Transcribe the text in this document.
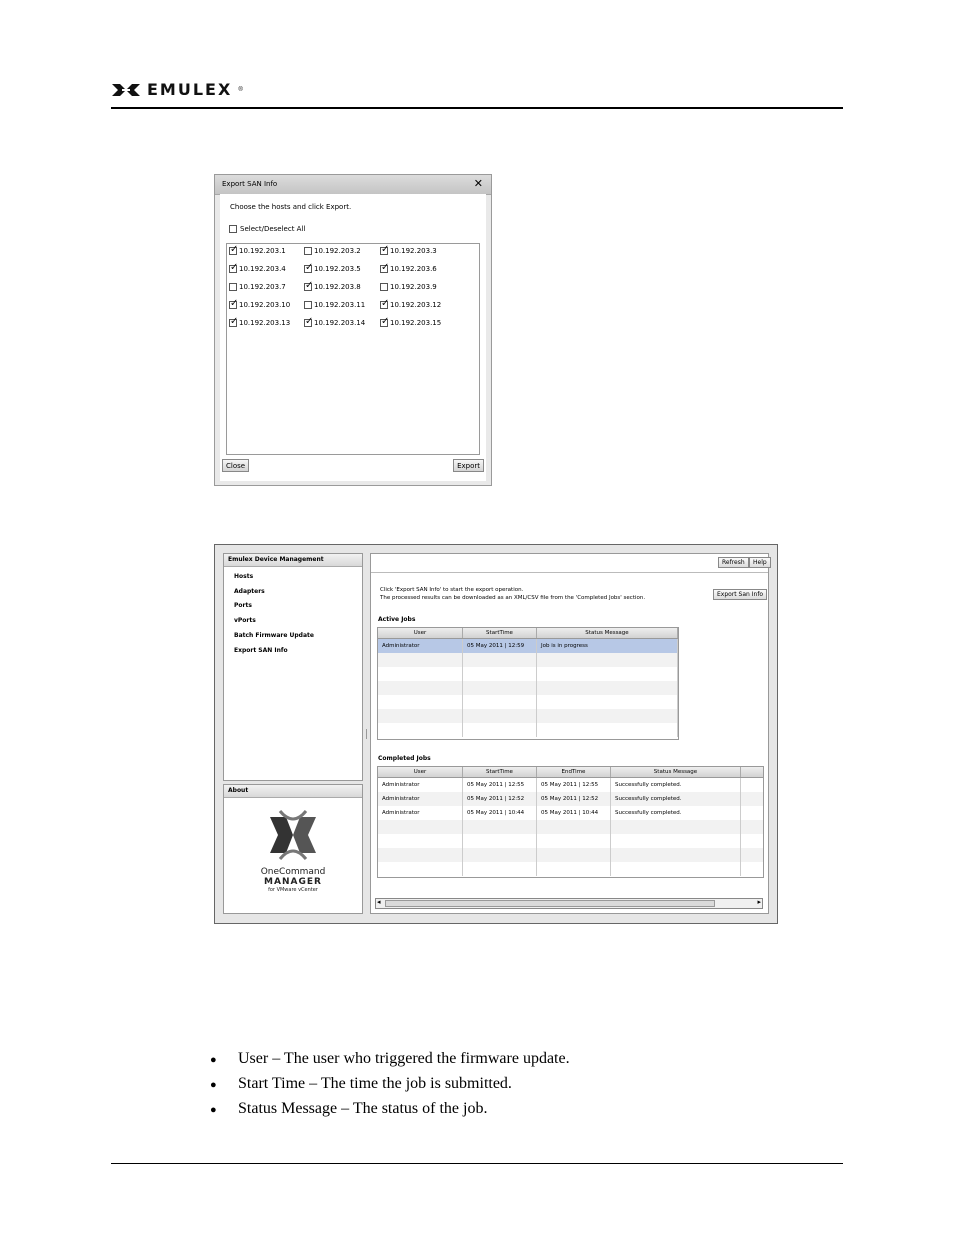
EMULEX ®
Export SAN Info	✕
Choose the hosts and click Export.
Select/Deselect All
✓
10.192.203.1	10.192.203.2 ✓	10.192.203.3
✓
10.192.203.4 ✓	10.192.203.5 ✓	10.192.203.6
10.192.203.7 ✓	10.192.203.8	10.192.203.9
✓
10.192.203.10	10.192.203.11 ✓	10.192.203.12
✓
10.192.203.13 ✓	10.192.203.14 ✓	10.192.203.15
Close	Export
Emulex Device Management
Hosts
Adapters
Ports
vPorts
Batch Firmware Update
Export SAN Info
About
OneCommand
MANAGER
for VMware vCenter
Refresh	Help
Click 'Export SAN Info' to start the export operation.
The processed results can be downloaded as an XML/CSV file from the 'Completed Jobs' section.	Export San Info
Active Jobs
User	StartTime	Status Message
Administrator	05 May 2011 | 12:59	Job is in progress
Completed Jobs
User	StartTime	EndTime	Status Message
Administrator	05 May 2011 | 12:55	05 May 2011 | 12:55	Successfully completed.
Administrator	05 May 2011 | 12:52	05 May 2011 | 12:52	Successfully completed.
Administrator	05 May 2011 | 10:44	05 May 2011 | 10:44	Successfully completed.
◂	▸
●	User – The user who triggered the firmware update.
●	Start Time – The time the job is submitted.
●	Status Message – The status of the job.
